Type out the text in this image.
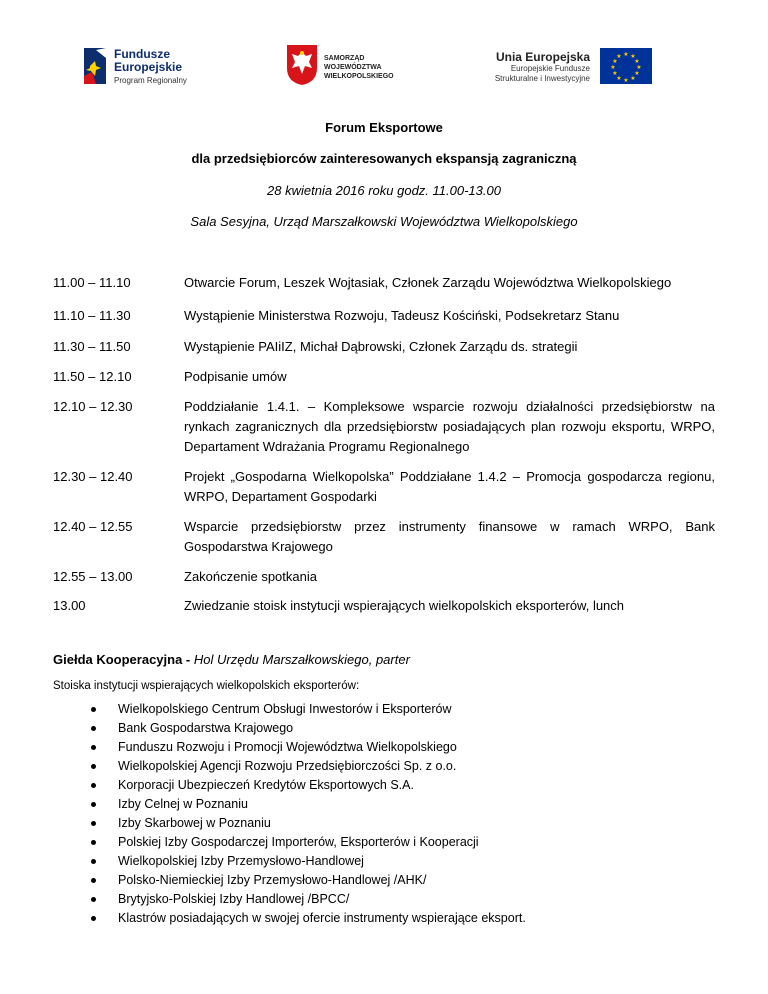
Fundusze
Europejskie
Program Regionalny
SAMORZĄD WOJEWÓDZTWA
WIELKOPOLSKIEGO
Unia Europejska
Europejskie Fundusze
Strukturalne i Inwestycyjne
★ ★
★
★
★
★
★
★
★
★
★
★
Forum Eksportowe
dla przedsiębiorców zainteresowanych ekspansją zagraniczną
28 kwietnia 2016 roku godz. 11.00-13.00
Sala Sesyjna, Urząd Marszałkowski Województwa Wielkopolskiego
11.00 – 11.10	Otwarcie Forum, Leszek Wojtasiak, Członek Zarządu Województwa Wielkopolskiego
11.10 – 11.30	Wystąpienie Ministerstwa Rozwoju, Tadeusz Kościński, Podsekretarz Stanu
11.30 – 11.50	Wystąpienie PAIiIZ, Michał Dąbrowski, Członek Zarządu ds. strategii
11.50 – 12.10	Podpisanie umów
12.10 – 12.30	Poddziałanie 1.4.1. – Kompleksowe wsparcie rozwoju działalności przedsiębiorstw na rynkach zagranicznych dla przedsiębiorstw posiadających plan rozwoju eksportu, WRPO, Departament Wdrażania Programu Regionalnego
12.30 – 12.40	Projekt „Gospodarna Wielkopolska” Poddziałane 1.4.2 – Promocja gospodarcza regionu, WRPO, Departament Gospodarki
12.40 – 12.55	Wsparcie przedsiębiorstw przez instrumenty finansowe w ramach WRPO, Bank Gospodarstwa Krajowego
12.55 – 13.00	Zakończenie spotkania
13.00	Zwiedzanie stoisk instytucji wspierających wielkopolskich eksporterów, lunch
Giełda Kooperacyjna - Hol Urzędu Marszałkowskiego, parter
Stoiska instytucji wspierających wielkopolskich eksporterów:
Wielkopolskiego Centrum Obsługi Inwestorów i Eksporterów
Bank Gospodarstwa Krajowego
Funduszu Rozwoju i Promocji Województwa Wielkopolskiego
Wielkopolskiej Agencji Rozwoju Przedsiębiorczości Sp. z o.o.
Korporacji Ubezpieczeń Kredytów Eksportowych S.A.
Izby Celnej w Poznaniu
Izby Skarbowej w Poznaniu
Polskiej Izby Gospodarczej Importerów, Eksporterów i Kooperacji
Wielkopolskiej Izby Przemysłowo-Handlowej
Polsko-Niemieckiej Izby Przemysłowo-Handlowej /AHK/
Brytyjsko-Polskiej Izby Handlowej /BPCC/
Klastrów posiadających w swojej ofercie instrumenty wspierające eksport.
